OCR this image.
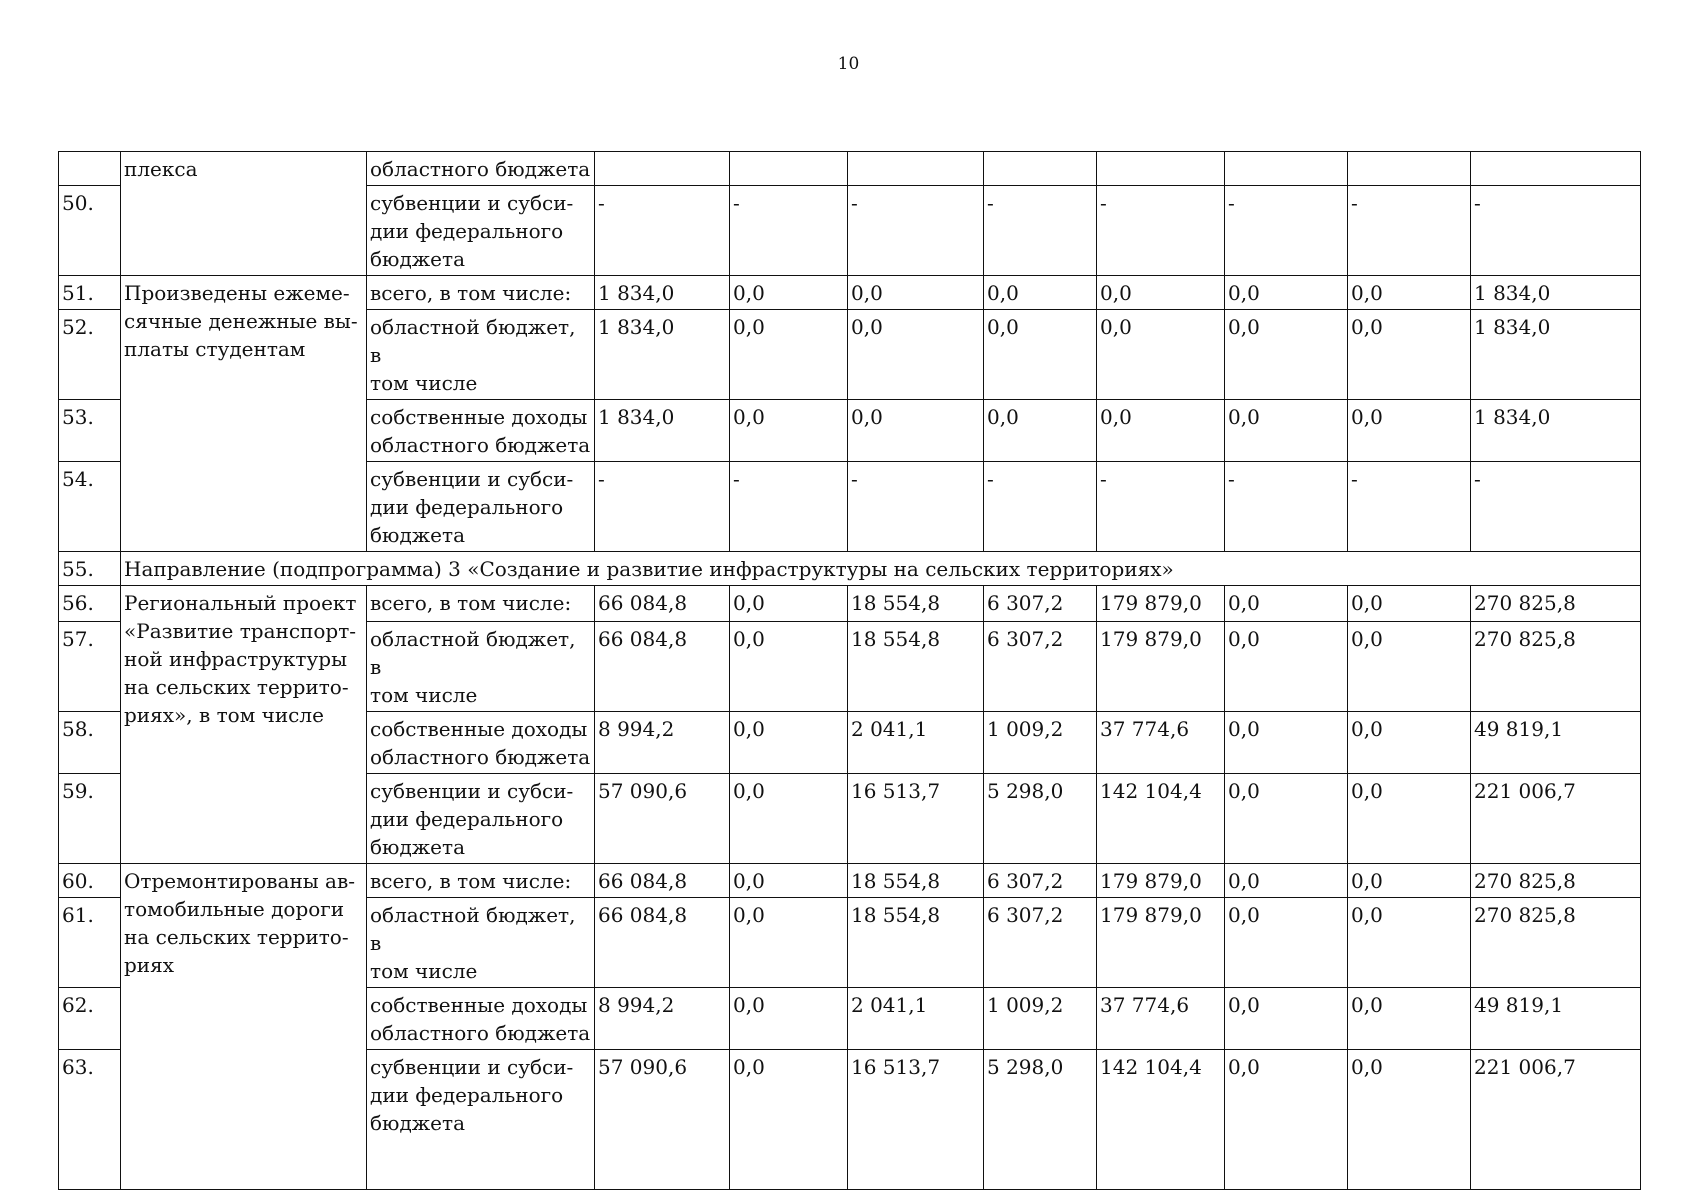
10
	плекса	областного бюджета								
50.		субвенции и субси-
дии федерального
бюджета	-	-	-	-	-	-	-	-
51.	Произведены ежеме-
сячные денежные вы-
платы студентам	всего, в том числе:	1 834,0	0,0	0,0	0,0	0,0	0,0	0,0	1 834,0
52.		областной бюджет, в
том числе	1 834,0	0,0	0,0	0,0	0,0	0,0	0,0	1 834,0
53.		собственные доходы
областного бюджета	1 834,0	0,0	0,0	0,0	0,0	0,0	0,0	1 834,0
54.		субвенции и субси-
дии федерального
бюджета	-	-	-	-	-	-	-	-
55.	Направление (подпрограмма) 3 «Создание и развитие инфраструктуры на сельских территориях»									
56.	Региональный проект
«Развитие транспорт-
ной инфраструктуры
на сельских террито-
риях», в том числе	всего, в том числе:	66 084,8	0,0	18 554,8	6 307,2	179 879,0	0,0	0,0	270 825,8
57.		областной бюджет, в
том числе	66 084,8	0,0	18 554,8	6 307,2	179 879,0	0,0	0,0	270 825,8
58.		собственные доходы
областного бюджета	8 994,2	0,0	2 041,1	1 009,2	37 774,6	0,0	0,0	49 819,1
59.		субвенции и субси-
дии федерального
бюджета	57 090,6	0,0	16 513,7	5 298,0	142 104,4	0,0	0,0	221 006,7
60.	Отремонтированы ав-
томобильные дороги
на сельских террито-
риях	всего, в том числе:	66 084,8	0,0	18 554,8	6 307,2	179 879,0	0,0	0,0	270 825,8
61.		областной бюджет, в
том числе	66 084,8	0,0	18 554,8	6 307,2	179 879,0	0,0	0,0	270 825,8
62.		собственные доходы
областного бюджета	8 994,2	0,0	2 041,1	1 009,2	37 774,6	0,0	0,0	49 819,1
63.		субвенции и субси-
дии федерального
бюджета	57 090,6	0,0	16 513,7	5 298,0	142 104,4	0,0	0,0	221 006,7
